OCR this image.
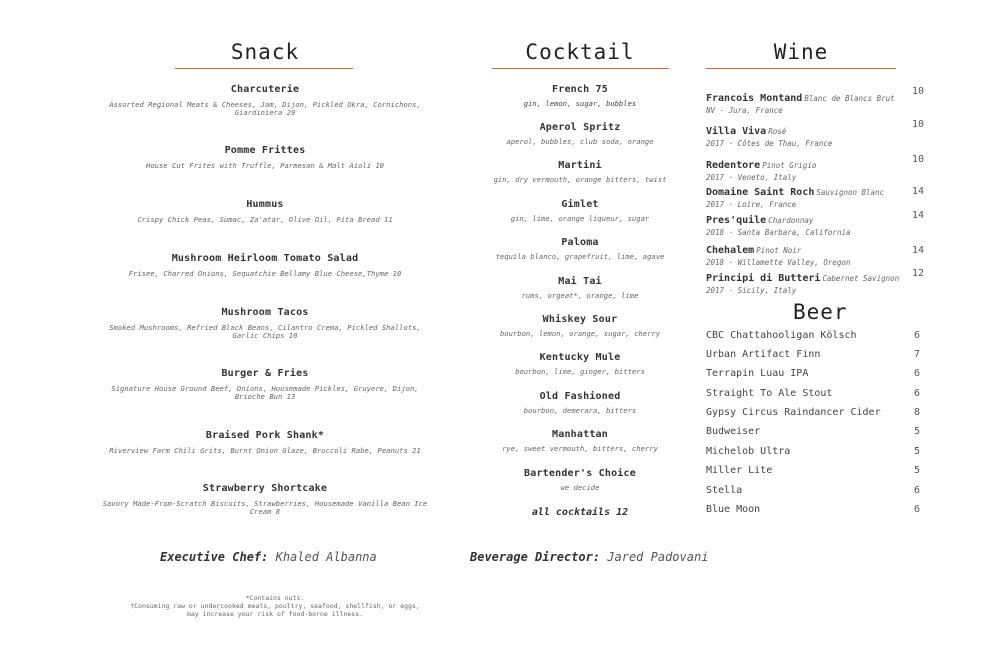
Snack
Charcuterie
Assorted Regional Meats & Cheeses, Jam, Dijon, Pickled Okra, Cornichons, Giardiniera 29
Pomme Frittes
House Cut Frites with Truffle, Parmesan & Malt Aioli 10
Hummus
Crispy Chick Peas, Sumac, Za'atar, Olive Oil, Pita Bread 11
Mushroom Heirloom Tomato Salad
Frisee, Charred Onions, Sequatchie Bellamy Blue Cheese,Thyme 10
Mushroom Tacos
Smoked Mushrooms, Refried Black Beans, Cilantro Crema, Pickled Shallots, Garlic Chips 10
Burger & Fries
Signature House Ground Beef, Onions, Housemade Pickles, Gruyere, Dijon, Brioche Bun 13
Braised Pork Shank*
Riverview Farm Chili Grits, Burnt Onion Glaze, Broccoli Rabe, Peanuts 21
Strawberry Shortcake
Savory Made-From-Scratch Biscuits, Strawberries, Housemade Vanilla Bean Ice Cream 8
Cocktail
French 75
gin, lemon, sugar, bubbles
Aperol Spritz
aperol, bubbles, club soda, orange
Martini
gin, dry vermouth, orange bitters, twist
Gimlet
gin, lime, orange liqueur, sugar
Paloma
tequila blanco, grapefruit, lime, agave
Mai Tai
rums, orgeat*, orange, lime
Whiskey Sour
bourbon, lemon, orange, sugar, cherry
Kentucky Mule
bourbon, lime, ginger, bitters
Old Fashioned
bourbon, demerara, bitters
Manhattan
rye, sweet vermouth, bitters, cherry
Bartender's Choice
we decide
all cocktails 12
Wine
Francois Montand Blanc de Blancs Brut
NV · Jura, France
10
Villa Viva Rosé
2017 · Côtes de Thau, France
10
Redentore Pinot Grigio
2017 · Veneto, Italy
10
Domaine Saint Roch Sauvignon Blanc
2017 · Loire, France
14
Pres'quile Chardonnay
2018 · Santa Barbara, California
14
Chehalem Pinot Noir
2018 · Willamette Valley, Oregon
14
Principi di Butteri Cabernet Savignon
2017 · Sicily, Italy
12
Beer
CBC Chattahooligan Kölsch	6
Urban Artifact Finn	7
Terrapin Luau IPA	6
Straight To Ale Stout	6
Gypsy Circus Raindancer Cider	8
Budweiser	5
Michelob Ultra	5
Miller Lite	5
Stella	6
Blue Moon	6
Executive Chef: Khaled Albanna	Beverage Director: Jared Padovani
*Contains nuts.
†Consuming raw or undercooked meats, poultry, seafood, shellfish, or eggs,
may increase your risk of food-borne illness.
